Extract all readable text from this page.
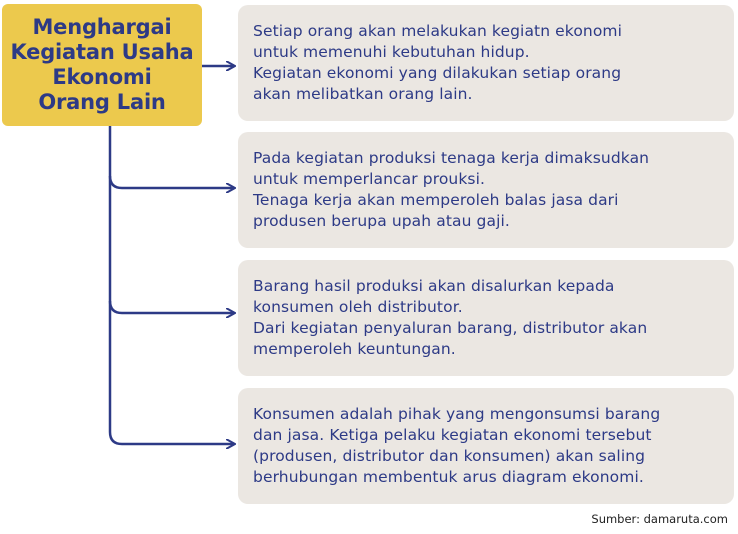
Menghargai
Kegiatan Usaha
Ekonomi
Orang Lain
Setiap orang akan melakukan kegiatn ekonomi
untuk memenuhi kebutuhan hidup.
Kegiatan ekonomi yang dilakukan setiap orang
akan melibatkan orang lain.
Pada kegiatan produksi tenaga kerja dimaksudkan
untuk memperlancar prouksi.
Tenaga kerja akan memperoleh balas jasa dari
produsen berupa upah atau gaji.
Barang hasil produksi akan disalurkan kepada
konsumen oleh distributor.
Dari kegiatan penyaluran barang, distributor akan
memperoleh keuntungan.
Konsumen adalah pihak yang mengonsumsi barang
dan jasa. Ketiga pelaku kegiatan ekonomi tersebut
(produsen, distributor dan konsumen) akan saling
berhubungan membentuk arus diagram ekonomi.
Sumber: damaruta.com
